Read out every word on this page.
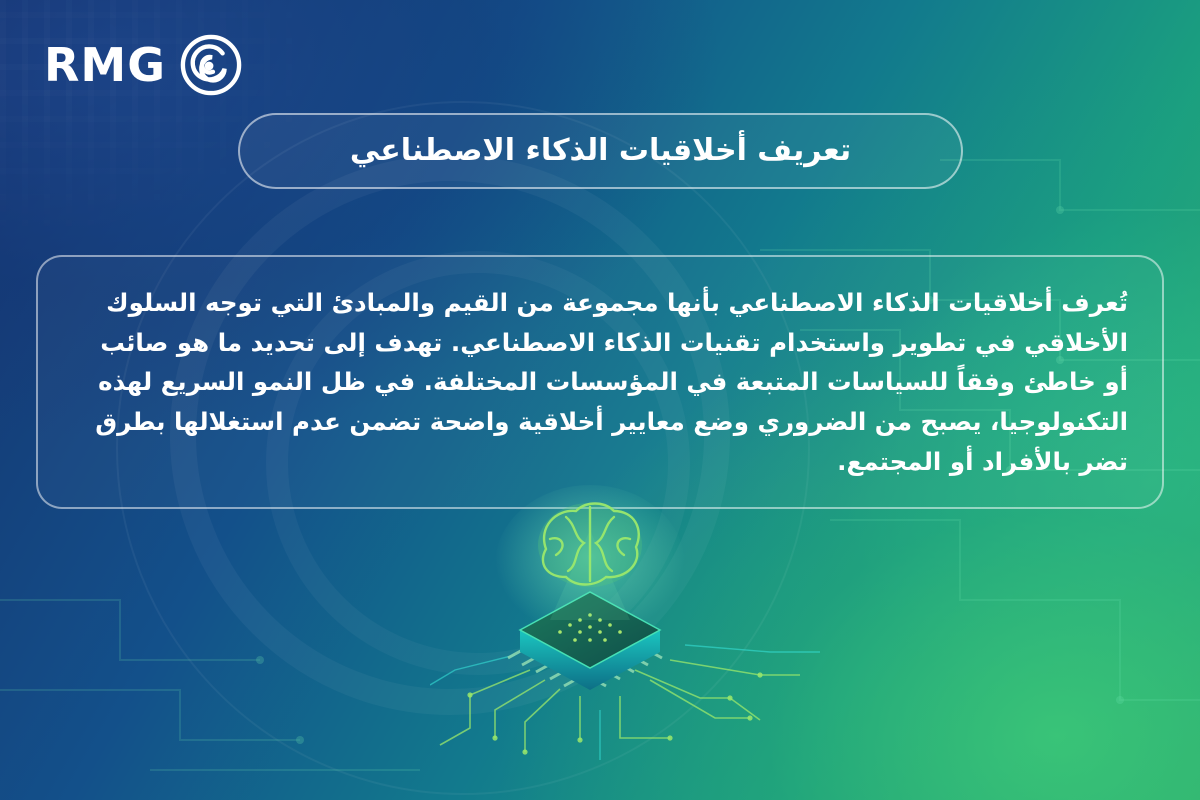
RMG
تعريف أخلاقيات الذكاء الاصطناعي

تُعرف أخلاقيات الذكاء الاصطناعي بأنها مجموعة من القيم والمبادئ التي توجه السلوك الأخلاقي في تطوير واستخدام تقنيات الذكاء الاصطناعي. تهدف إلى تحديد ما هو صائب أو خاطئ وفقاً للسياسات المتبعة في المؤسسات المختلفة. في ظل النمو السريع لهذه التكنولوجيا، يصبح من الضروري وضع معايير أخلاقية واضحة تضمن عدم استغلالها بطرق تضر بالأفراد أو المجتمع.
